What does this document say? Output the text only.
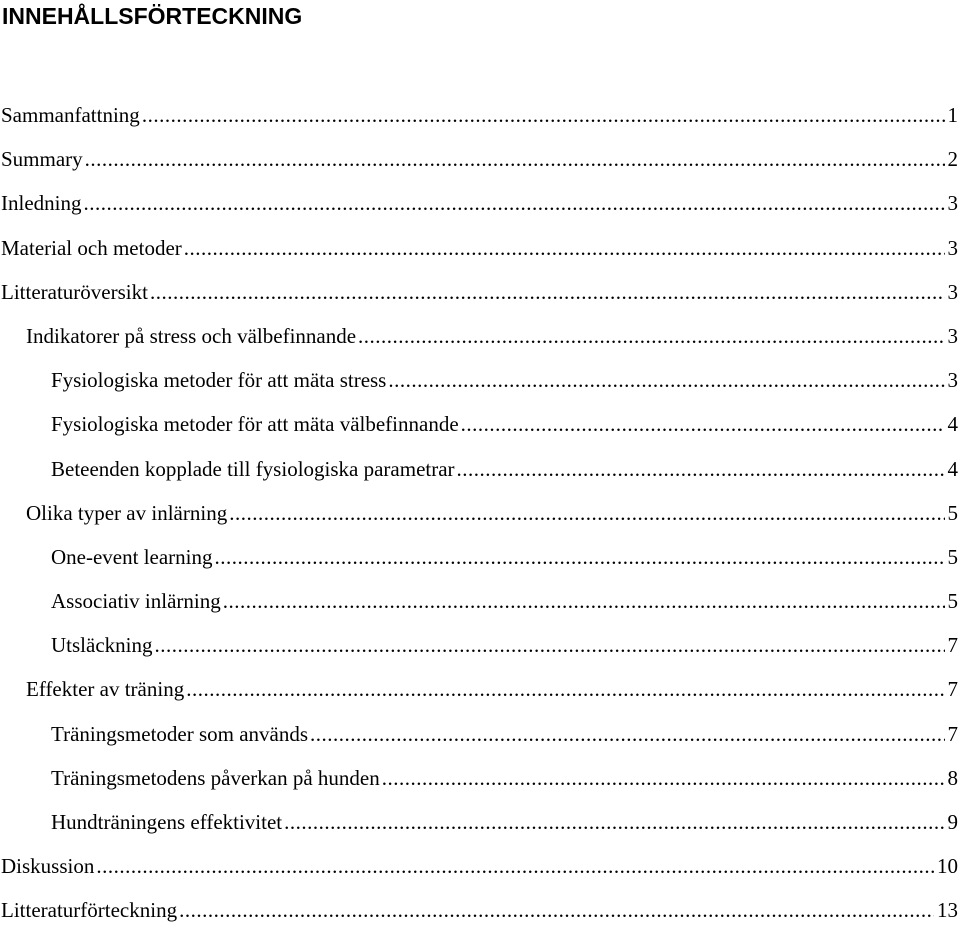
INNEHÅLLSFÖRTECKNING
Sammanfattning .....	1
Summary .....	2
Inledning .....	3
Material och metoder .....	3
Litteraturöversikt .....	3
Indikatorer på stress och välbefinnande .....	3
Fysiologiska metoder för att mäta stress .....	3
Fysiologiska metoder för att mäta välbefinnande .....	4
Beteenden kopplade till fysiologiska parametrar .....	4
Olika typer av inlärning .....	5
One-event learning .....	5
Associativ inlärning .....	5
Utsläckning .....	7
Effekter av träning .....	7
Träningsmetoder som används .....	7
Träningsmetodens påverkan på hunden .....	8
Hundträningens effektivitet .....	9
Diskussion .....	10
Litteraturförteckning .....	13
